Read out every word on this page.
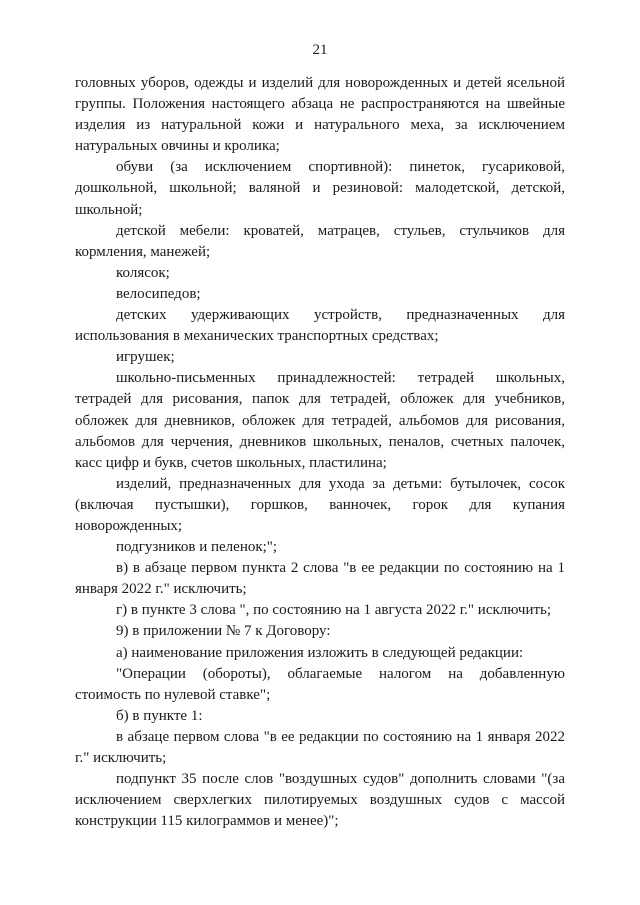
21

головных уборов, одежды и изделий для новорожденных и детей ясельной группы. Положения настоящего абзаца не распространяются на швейные изделия из натуральной кожи и натурального меха, за исключением натуральных овчины и кролика;

обуви (за исключением спортивной): пинеток, гусариковой, дошкольной, школьной; валяной и резиновой: малодетской, детской, школьной;

детской мебели: кроватей, матрацев, стульев, стульчиков для кормления, манежей;

колясок;

велосипедов;

детских удерживающих устройств, предназначенных для использования в механических транспортных средствах;

игрушек;

школьно-письменных принадлежностей: тетрадей школьных, тетрадей для рисования, папок для тетрадей, обложек для учебников, обложек для дневников, обложек для тетрадей, альбомов для рисования, альбомов для черчения, дневников школьных, пеналов, счетных палочек, касс цифр и букв, счетов школьных, пластилина;

изделий, предназначенных для ухода за детьми: бутылочек, сосок (включая пустышки), горшков, ванночек, горок для купания новорожденных;

подгузников и пеленок;";

в) в абзаце первом пункта 2 слова "в ее редакции по состоянию на 1 января 2022 г." исключить;

г) в пункте 3 слова ", по состоянию на 1 августа 2022 г." исключить;

9) в приложении № 7 к Договору:

а) наименование приложения изложить в следующей редакции:

"Операции (обороты), облагаемые налогом на добавленную стоимость по нулевой ставке";

б) в пункте 1:

в абзаце первом слова "в ее редакции по состоянию на 1 января 2022 г." исключить;

подпункт 35 после слов "воздушных судов" дополнить словами "(за исключением сверхлегких пилотируемых воздушных судов с массой конструкции 115 килограммов и менее)";
